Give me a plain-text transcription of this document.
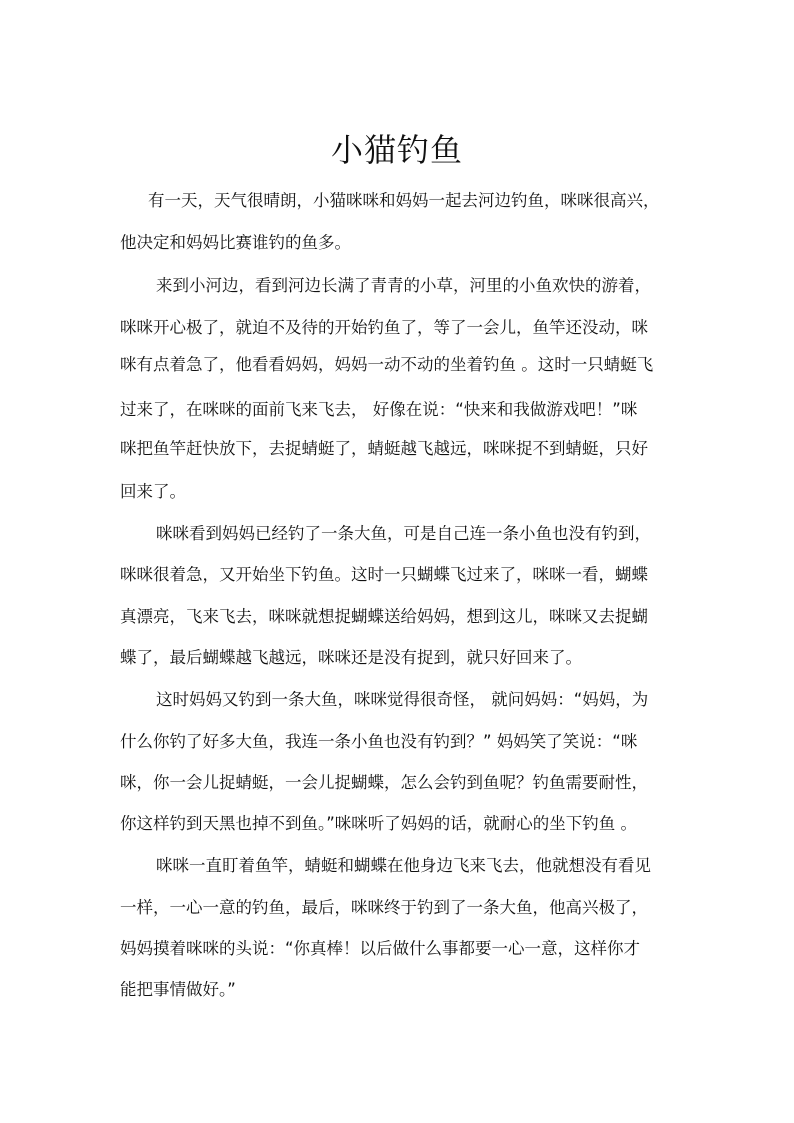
小猫钓鱼

有一天，天气很晴朗，小猫咪咪和妈妈一起去河边钓鱼，咪咪很高兴，

他决定和妈妈比赛谁钓的鱼多。

来到小河边，看到河边长满了青青的小草，河里的小鱼欢快的游着，

咪咪开心极了，就迫不及待的开始钓鱼了，等了一会儿，鱼竿还没动，咪

咪有点着急了，他看看妈妈，妈妈一动不动的坐着钓鱼 。这时一只蜻蜓飞

过来了，在咪咪的面前飞来飞去， 好像在说：“快来和我做游戏吧！”咪

咪把鱼竿赶快放下，去捉蜻蜓了，蜻蜓越飞越远，咪咪捉不到蜻蜓，只好

回来了。

咪咪看到妈妈已经钓了一条大鱼，可是自己连一条小鱼也没有钓到，

咪咪很着急，又开始坐下钓鱼。这时一只蝴蝶飞过来了，咪咪一看，蝴蝶

真漂亮，飞来飞去，咪咪就想捉蝴蝶送给妈妈，想到这儿，咪咪又去捉蝴

蝶了，最后蝴蝶越飞越远，咪咪还是没有捉到，就只好回来了。

这时妈妈又钓到一条大鱼，咪咪觉得很奇怪， 就问妈妈：“妈妈，为

什么你钓了好多大鱼，我连一条小鱼也没有钓到？” 妈妈笑了笑说：“咪

咪，你一会儿捉蜻蜓，一会儿捉蝴蝶，怎么会钓到鱼呢？钓鱼需要耐性，

你这样钓到天黑也掉不到鱼。”咪咪听了妈妈的话，就耐心的坐下钓鱼 。

咪咪一直盯着鱼竿，蜻蜓和蝴蝶在他身边飞来飞去，他就想没有看见

一样，一心一意的钓鱼，最后，咪咪终于钓到了一条大鱼，他高兴极了，

妈妈摸着咪咪的头说：“你真棒！以后做什么事都要一心一意，这样你才

能把事情做好。”
